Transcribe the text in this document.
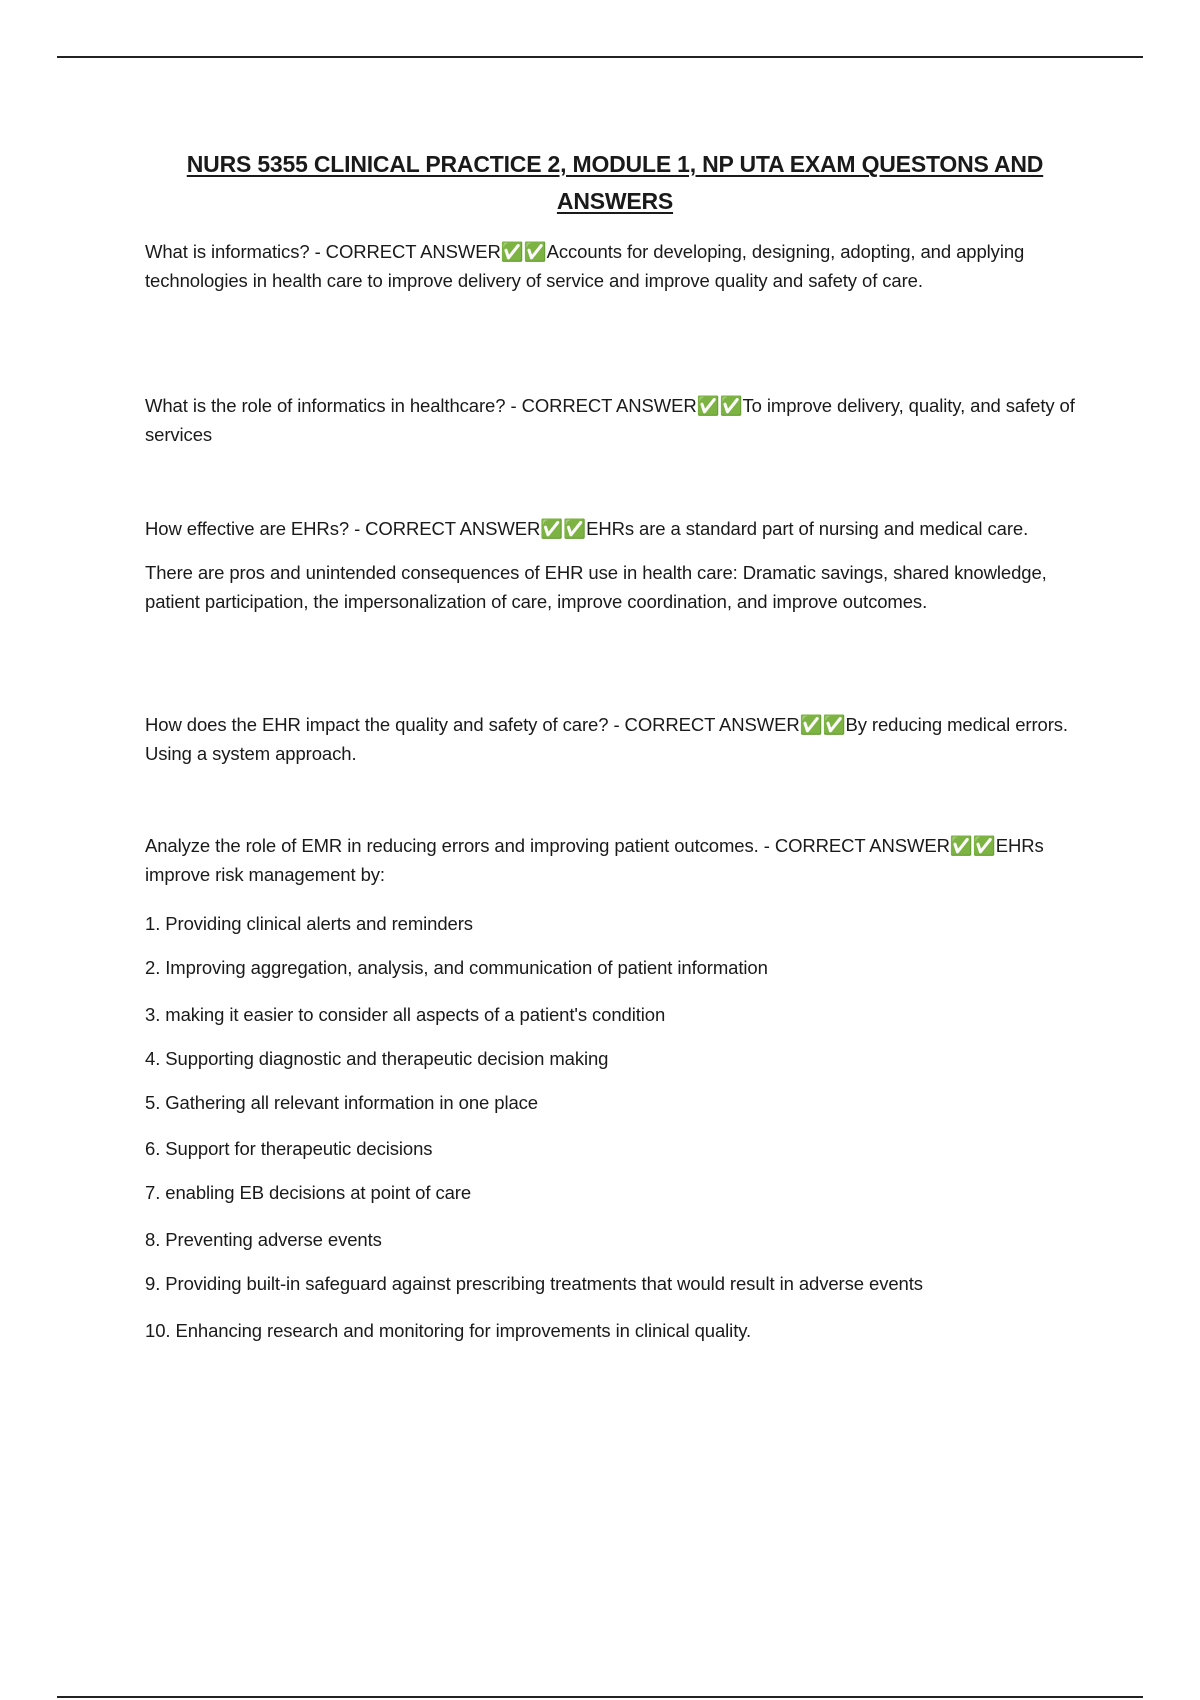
NURS 5355 CLINICAL PRACTICE 2, MODULE 1, NP UTA EXAM QUESTONS AND ANSWERS

What is informatics? - CORRECT ANSWER✅✅Accounts for developing, designing, adopting, and applying technologies in health care to improve delivery of service and improve quality and safety of care.

What is the role of informatics in healthcare? - CORRECT ANSWER✅✅To improve delivery, quality, and safety of services

How effective are EHRs? - CORRECT ANSWER✅✅EHRs are a standard part of nursing and medical care.

There are pros and unintended consequences of EHR use in health care: Dramatic savings, shared knowledge, patient participation, the impersonalization of care, improve coordination, and improve outcomes.

How does the EHR impact the quality and safety of care? - CORRECT ANSWER✅✅By reducing medical errors. Using a system approach.

Analyze the role of EMR in reducing errors and improving patient outcomes. - CORRECT ANSWER✅✅EHRs improve risk management by:

1. Providing clinical alerts and reminders

2. Improving aggregation, analysis, and communication of patient information

3. making it easier to consider all aspects of a patient's condition

4. Supporting diagnostic and therapeutic decision making

5. Gathering all relevant information in one place

6. Support for therapeutic decisions

7. enabling EB decisions at point of care

8. Preventing adverse events

9. Providing built-in safeguard against prescribing treatments that would result in adverse events

10. Enhancing research and monitoring for improvements in clinical quality.
